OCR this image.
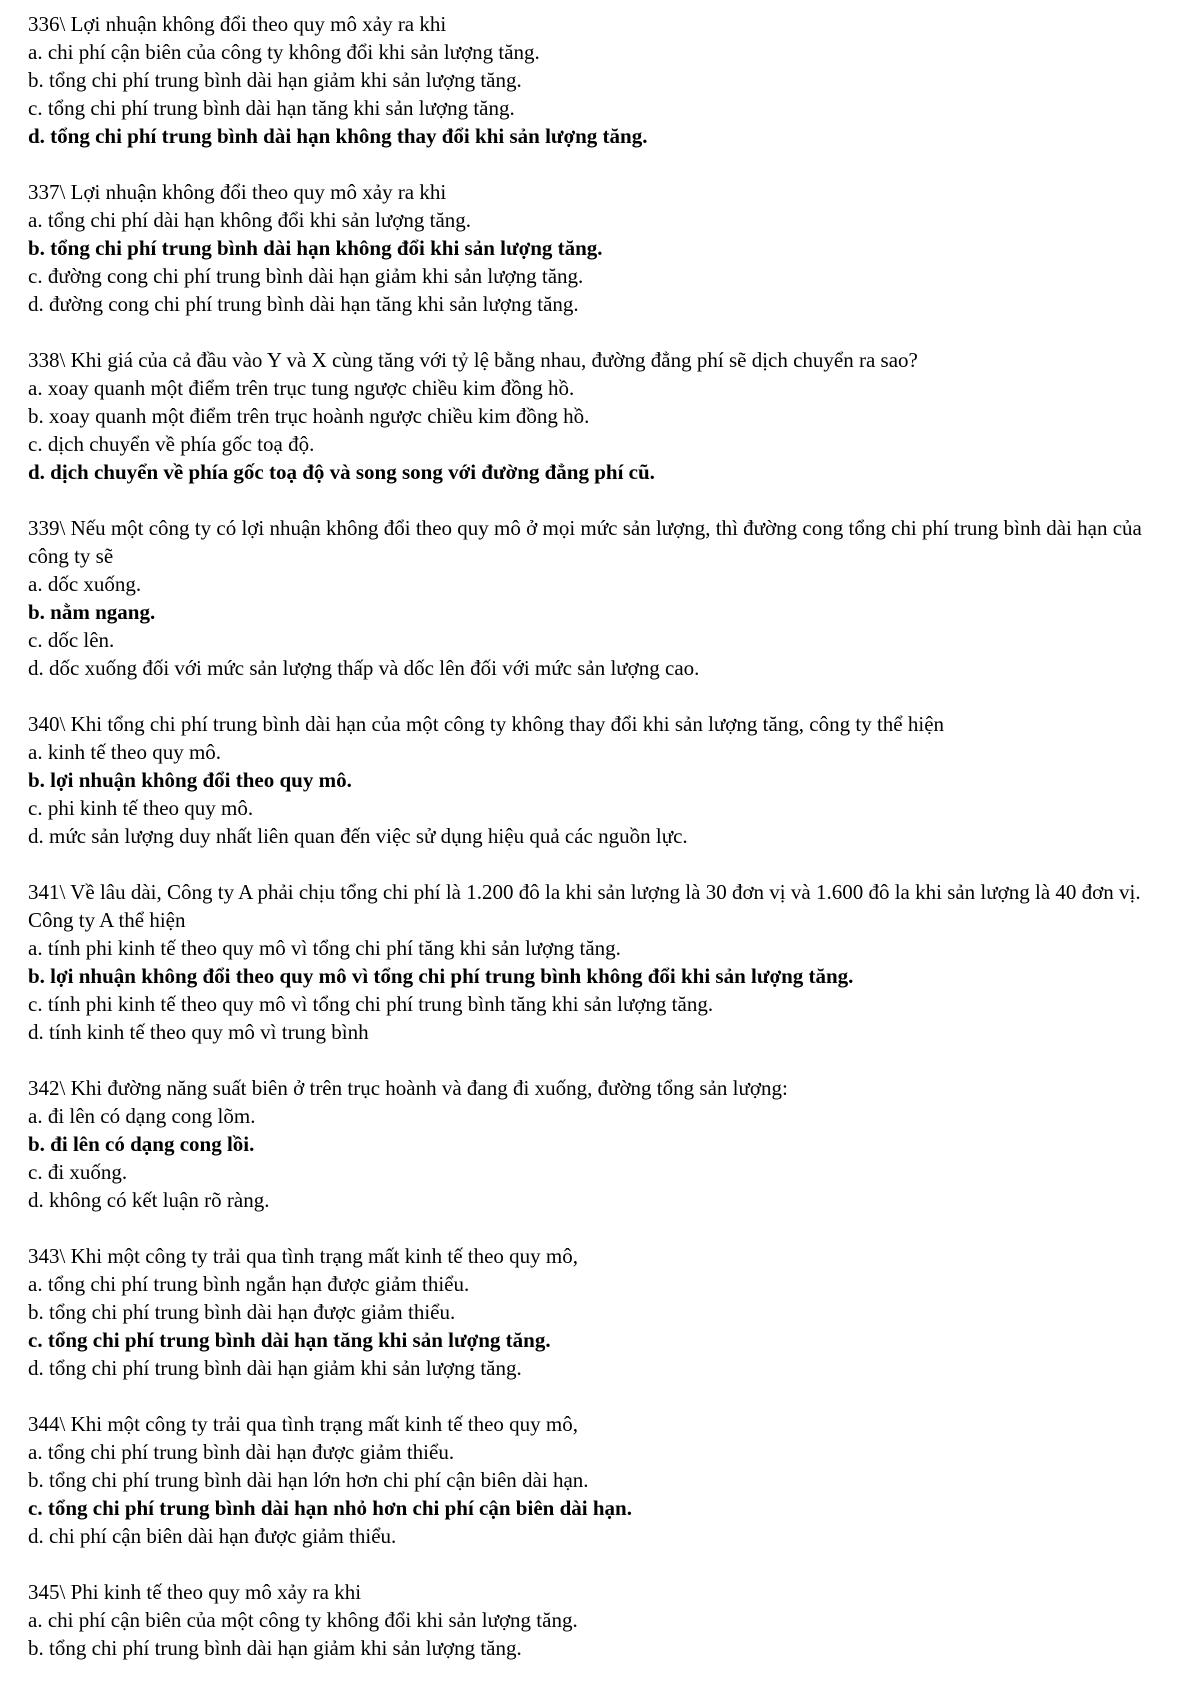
336\ Lợi nhuận không đổi theo quy mô xảy ra khi

a. chi phí cận biên của công ty không đổi khi sản lượng tăng.

b. tổng chi phí trung bình dài hạn giảm khi sản lượng tăng.

c. tổng chi phí trung bình dài hạn tăng khi sản lượng tăng.

d. tổng chi phí trung bình dài hạn không thay đổi khi sản lượng tăng.

337\ Lợi nhuận không đổi theo quy mô xảy ra khi

a. tổng chi phí dài hạn không đổi khi sản lượng tăng.

b. tổng chi phí trung bình dài hạn không đổi khi sản lượng tăng.

c. đường cong chi phí trung bình dài hạn giảm khi sản lượng tăng.

d. đường cong chi phí trung bình dài hạn tăng khi sản lượng tăng.

338\ Khi giá của cả đầu vào Y và X cùng tăng với tỷ lệ bằng nhau, đường đẳng phí sẽ dịch chuyển ra sao?

a. xoay quanh một điểm trên trục tung ngược chiều kim đồng hồ.

b. xoay quanh một điểm trên trục hoành ngược chiều kim đồng hồ.

c. dịch chuyển về phía gốc toạ độ.

d. dịch chuyển về phía gốc toạ độ và song song với đường đẳng phí cũ.

339\ Nếu một công ty có lợi nhuận không đổi theo quy mô ở mọi mức sản lượng, thì đường cong tổng chi phí trung bình dài hạn của công ty sẽ

a. dốc xuống.

b. nằm ngang.

c. dốc lên.

d. dốc xuống đối với mức sản lượng thấp và dốc lên đối với mức sản lượng cao.

340\ Khi tổng chi phí trung bình dài hạn của một công ty không thay đổi khi sản lượng tăng, công ty thể hiện

a. kinh tế theo quy mô.

b. lợi nhuận không đổi theo quy mô.

c. phi kinh tế theo quy mô.

d. mức sản lượng duy nhất liên quan đến việc sử dụng hiệu quả các nguồn lực.

341\ Về lâu dài, Công ty A phải chịu tổng chi phí là 1.200 đô la khi sản lượng là 30 đơn vị và 1.600 đô la khi sản lượng là 40 đơn vị. Công ty A thể hiện

a. tính phi kinh tế theo quy mô vì tổng chi phí tăng khi sản lượng tăng.

b. lợi nhuận không đổi theo quy mô vì tổng chi phí trung bình không đổi khi sản lượng tăng.

c. tính phi kinh tế theo quy mô vì tổng chi phí trung bình tăng khi sản lượng tăng.

d. tính kinh tế theo quy mô vì trung bình

342\ Khi đường năng suất biên ở trên trục hoành và đang đi xuống, đường tổng sản lượng:

a. đi lên có dạng cong lõm.

b. đi lên có dạng cong lồi.

c. đi xuống.

d. không có kết luận rõ ràng.

343\ Khi một công ty trải qua tình trạng mất kinh tế theo quy mô,

a. tổng chi phí trung bình ngắn hạn được giảm thiểu.

b. tổng chi phí trung bình dài hạn được giảm thiểu.

c. tổng chi phí trung bình dài hạn tăng khi sản lượng tăng.

d. tổng chi phí trung bình dài hạn giảm khi sản lượng tăng.

344\ Khi một công ty trải qua tình trạng mất kinh tế theo quy mô,

a. tổng chi phí trung bình dài hạn được giảm thiểu.

b. tổng chi phí trung bình dài hạn lớn hơn chi phí cận biên dài hạn.

c. tổng chi phí trung bình dài hạn nhỏ hơn chi phí cận biên dài hạn.

d. chi phí cận biên dài hạn được giảm thiểu.

345\ Phi kinh tế theo quy mô xảy ra khi

a. chi phí cận biên của một công ty không đổi khi sản lượng tăng.

b. tổng chi phí trung bình dài hạn giảm khi sản lượng tăng.
